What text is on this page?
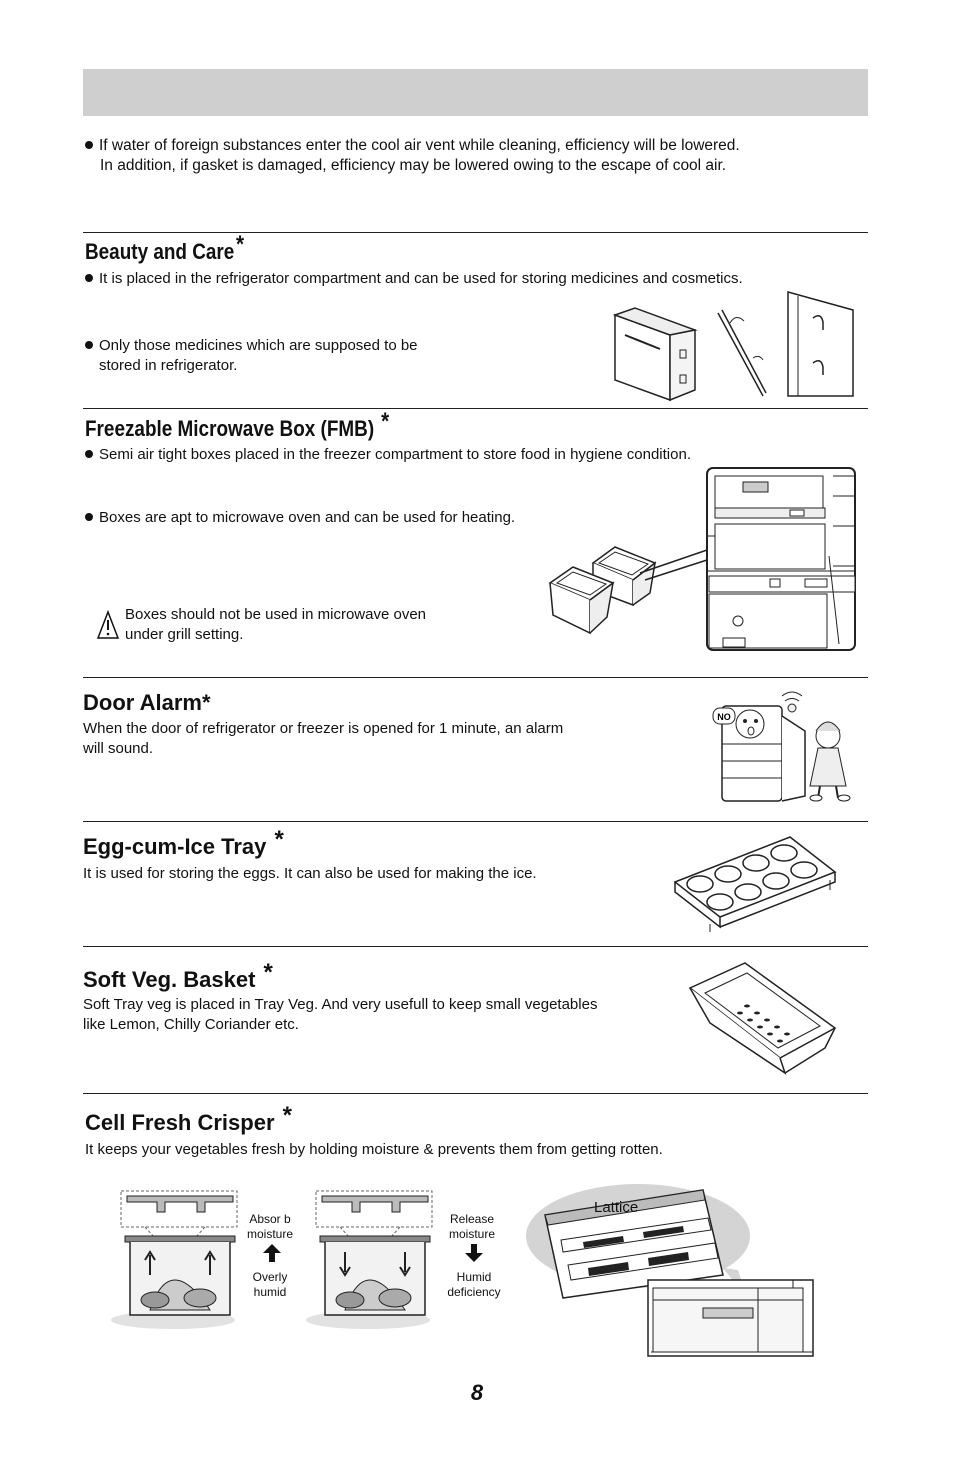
If water of foreign substances enter the cool air vent while cleaning, efficiency will be lowered.
In addition, if gasket is damaged, efficiency may be lowered owing to the escape of cool air.
Beauty and Care*
It is placed in the refrigerator compartment and can be used for storing medicines and cosmetics.
Only those medicines which are supposed to be
stored in refrigerator.
Freezable Microwave Box (FMB) *
Semi air tight boxes placed in the freezer compartment to store food in hygiene condition.
Boxes are apt to microwave oven and can be used for heating.
Boxes should not be used in microwave oven
under grill setting.
Door Alarm*
When the door of refrigerator or freezer is opened for 1 minute, an alarm
will sound.
NO
Egg-cum-Ice Tray *
It is used for storing the eggs. It can also be used for making the ice.
Soft Veg. Basket *
Soft Tray veg is placed in Tray Veg. And very usefull to keep small vegetables
like Lemon, Chilly Coriander etc.
Cell Fresh Crisper *
It keeps your vegetables fresh by holding moisture & prevents them from getting rotten.
Absor b
moisture
Overly
humid
Release
moisture
Humid
deficiency
Lattice
8
